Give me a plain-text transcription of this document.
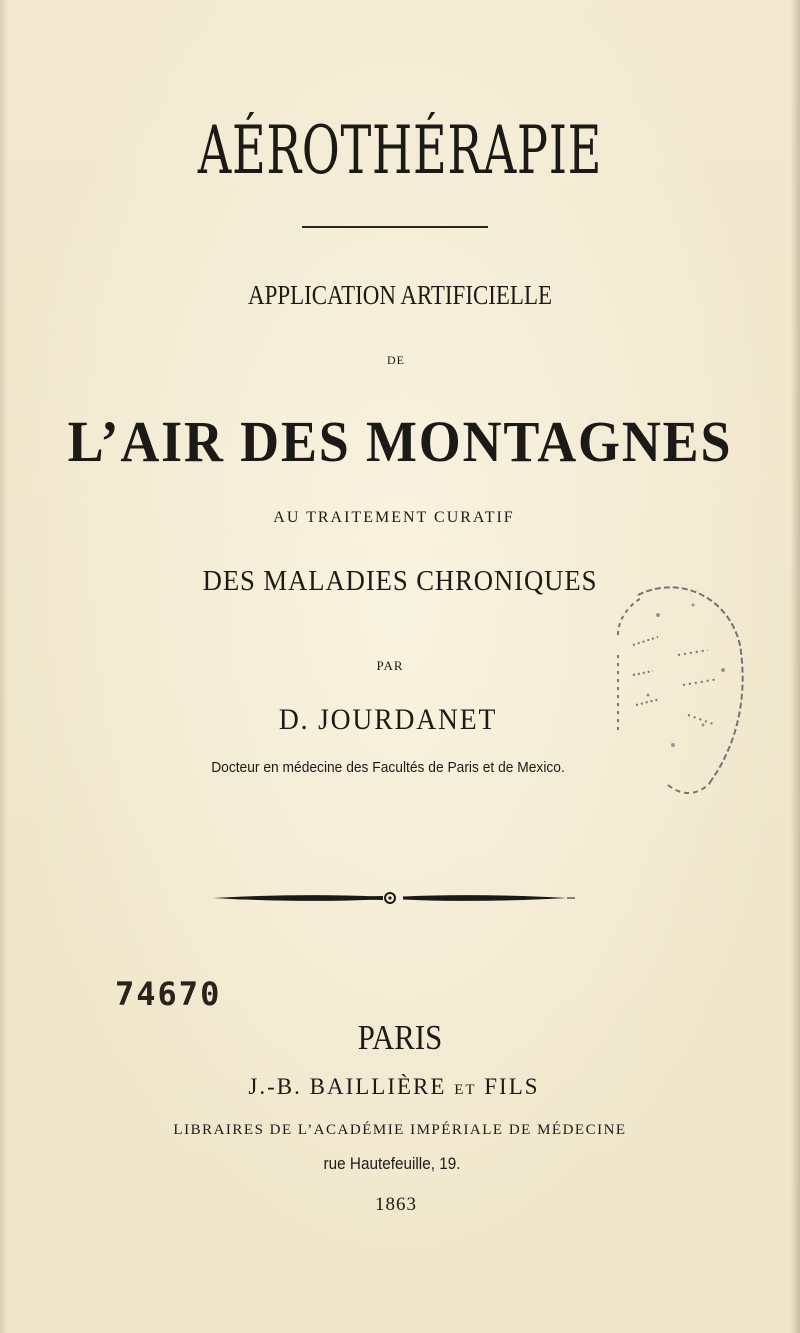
AÉROTHÉRAPIE
APPLICATION ARTIFICIELLE
DE
L’AIR DES MONTAGNES
AU TRAITEMENT CURATIF
DES MALADIES CHRONIQUES
PAR
D. JOURDANET
Docteur en médecine des Facultés de Paris et de Mexico.
74670
PARIS
J.-B. BAILLIÈRE ET FILS
LIBRAIRES DE L’ACADÉMIE IMPÉRIALE DE MÉDECINE
rue Hautefeuille, 19.
1863
